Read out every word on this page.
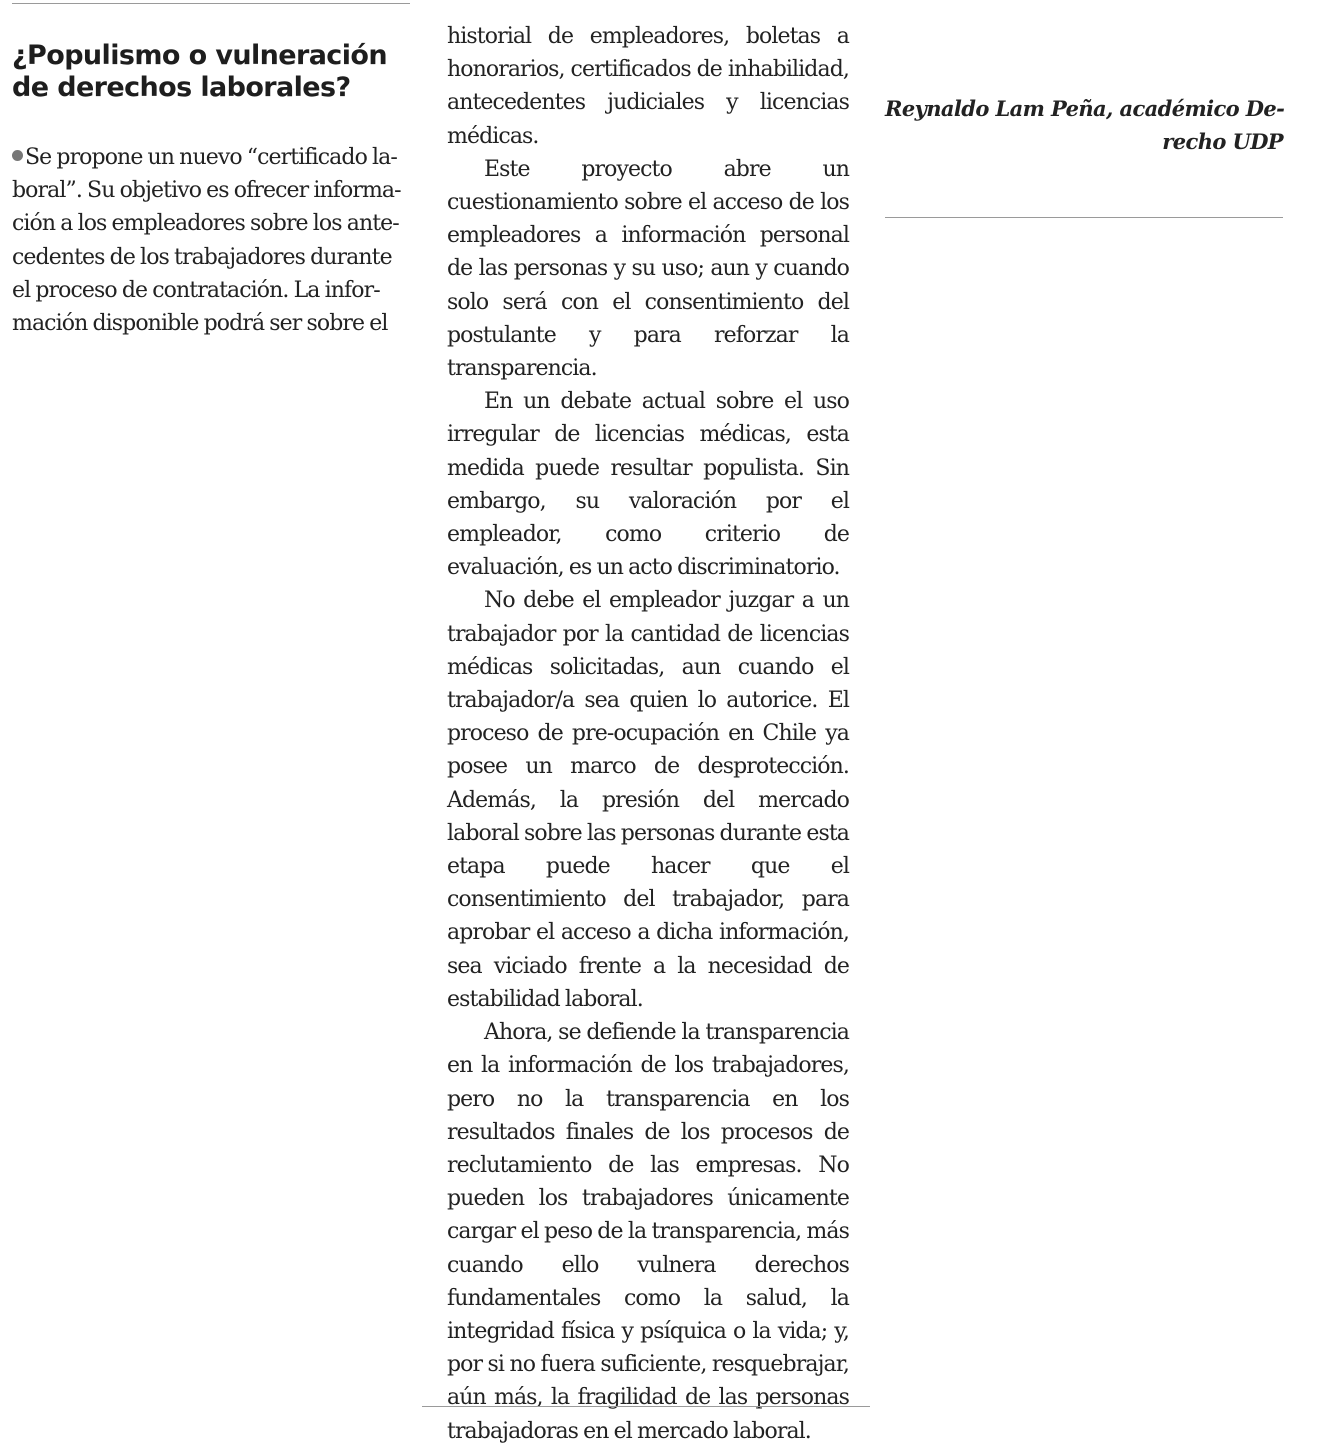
¿Populismo o vulneración de derechos laborales?
Se propone un nuevo “certificado la-
boral”. Su objetivo es ofrecer informa-
ción a los empleadores sobre los ante-
cedentes de los trabajadores durante
el proceso de contratación. La infor-
mación disponible podrá ser sobre el

historial de empleadores, boletas a honorarios, certificados de inhabilidad, antecedentes judiciales y licencias médicas.

Este proyecto abre un cuestionamiento sobre el acceso de los empleadores a información personal de las personas y su uso; aun y cuando solo será con el consentimiento del postulante y para reforzar la transparencia.

En un debate actual sobre el uso irregular de licencias médicas, esta medida puede resultar populista. Sin embargo, su valoración por el empleador, como criterio de evaluación, es un acto discriminatorio.

No debe el empleador juzgar a un trabajador por la cantidad de licencias médicas solicitadas, aun cuando el trabajador/a sea quien lo autorice. El proceso de pre-ocupación en Chile ya posee un marco de desprotección. Además, la presión del mercado laboral sobre las personas durante esta etapa puede hacer que el consentimiento del trabajador, para aprobar el acceso a dicha información, sea viciado frente a la necesidad de estabilidad laboral.

Ahora, se defiende la transparencia en la información de los trabajadores, pero no la transparencia en los resultados finales de los procesos de reclutamiento de las empresas. No pueden los trabajadores únicamente cargar el peso de la transparencia, más cuando ello vulnera derechos fundamentales como la salud, la integridad física y psíquica o la vida; y, por si no fuera suficiente, resquebrajar, aún más, la fragilidad de las personas trabajadoras en el mercado laboral.

Reynaldo Lam Peña, académico De-
recho UDP
